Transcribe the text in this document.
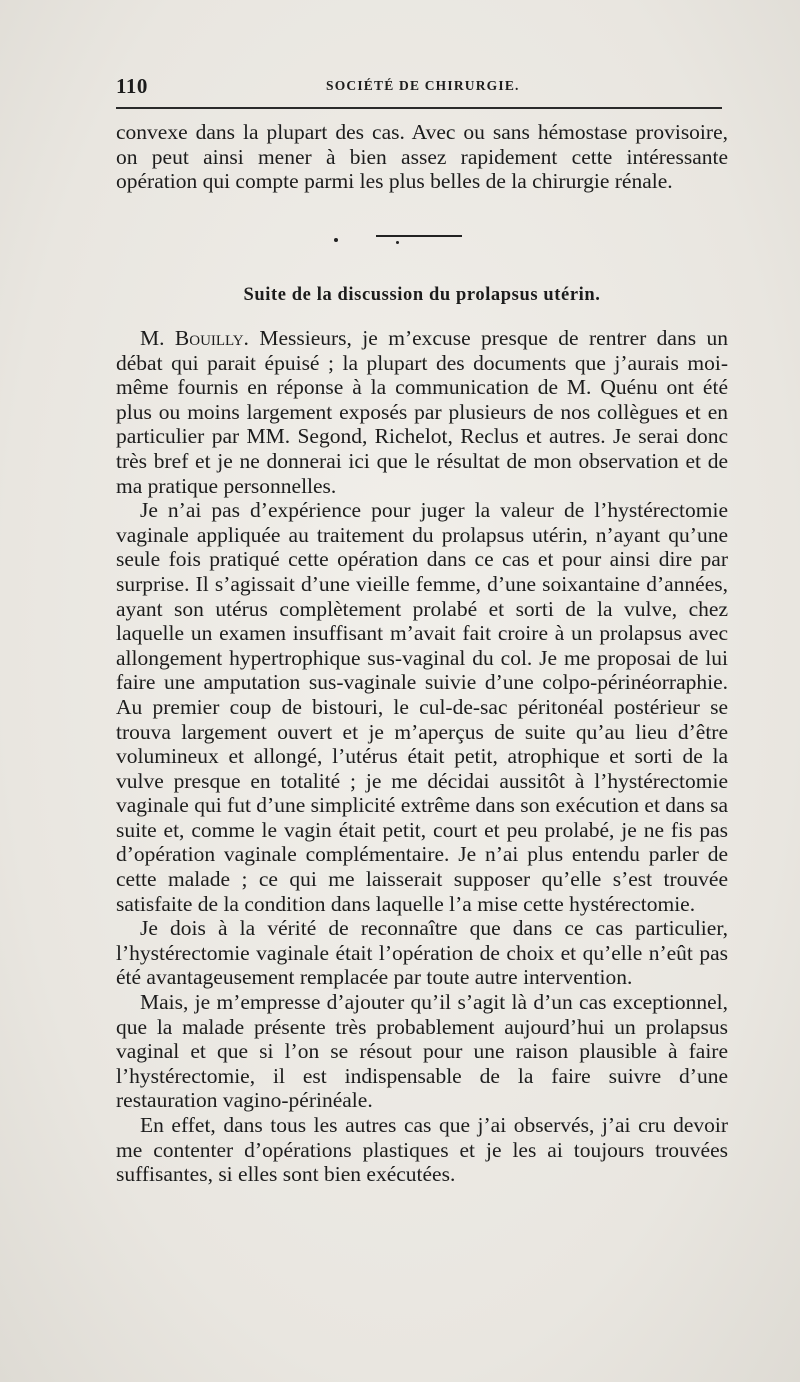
110	SOCIÉTÉ DE CHIRURGIE.

convexe dans la plupart des cas. Avec ou sans hémostase provisoire, on peut ainsi mener à bien assez rapidement cette intéressante opération qui compte parmi les plus belles de la chirurgie rénale.

Suite de la discussion du prolapsus utérin.

M. Bouilly. Messieurs, je m’excuse presque de rentrer dans un débat qui parait épuisé ; la plupart des documents que j’aurais moi-même fournis en réponse à la communication de M. Quénu ont été plus ou moins largement exposés par plusieurs de nos collègues et en particulier par MM. Segond, Richelot, Reclus et autres. Je serai donc très bref et je ne donnerai ici que le résultat de mon observation et de ma pratique personnelles.

Je n’ai pas d’expérience pour juger la valeur de l’hystérectomie vaginale appliquée au traitement du prolapsus utérin, n’ayant qu’une seule fois pratiqué cette opération dans ce cas et pour ainsi dire par surprise. Il s’agissait d’une vieille femme, d’une soixantaine d’années, ayant son utérus complètement prolabé et sorti de la vulve, chez laquelle un examen insuffisant m’avait fait croire à un prolapsus avec allongement hypertrophique sus-vaginal du col. Je me proposai de lui faire une amputation sus-vaginale suivie d’une colpo-périnéorraphie. Au premier coup de bistouri, le cul-de-sac péritonéal postérieur se trouva largement ouvert et je m’aperçus de suite qu’au lieu d’être volumineux et allongé, l’utérus était petit, atrophique et sorti de la vulve presque en totalité ; je me décidai aussitôt à l’hystérectomie vaginale qui fut d’une simplicité extrême dans son exécution et dans sa suite et, comme le vagin était petit, court et peu prolabé, je ne fis pas d’opération vaginale complémentaire. Je n’ai plus entendu parler de cette malade ; ce qui me laisserait supposer qu’elle s’est trouvée satisfaite de la condition dans laquelle l’a mise cette hystérectomie.

Je dois à la vérité de reconnaître que dans ce cas particulier, l’hystérectomie vaginale était l’opération de choix et qu’elle n’eût pas été avantageusement remplacée par toute autre intervention.

Mais, je m’empresse d’ajouter qu’il s’agit là d’un cas exceptionnel, que la malade présente très probablement aujourd’hui un prolapsus vaginal et que si l’on se résout pour une raison plausible à faire l’hystérectomie, il est indispensable de la faire suivre d’une restauration vagino-périnéale.

En effet, dans tous les autres cas que j’ai observés, j’ai cru devoir me contenter d’opérations plastiques et je les ai toujours trouvées suffisantes, si elles sont bien exécutées.
